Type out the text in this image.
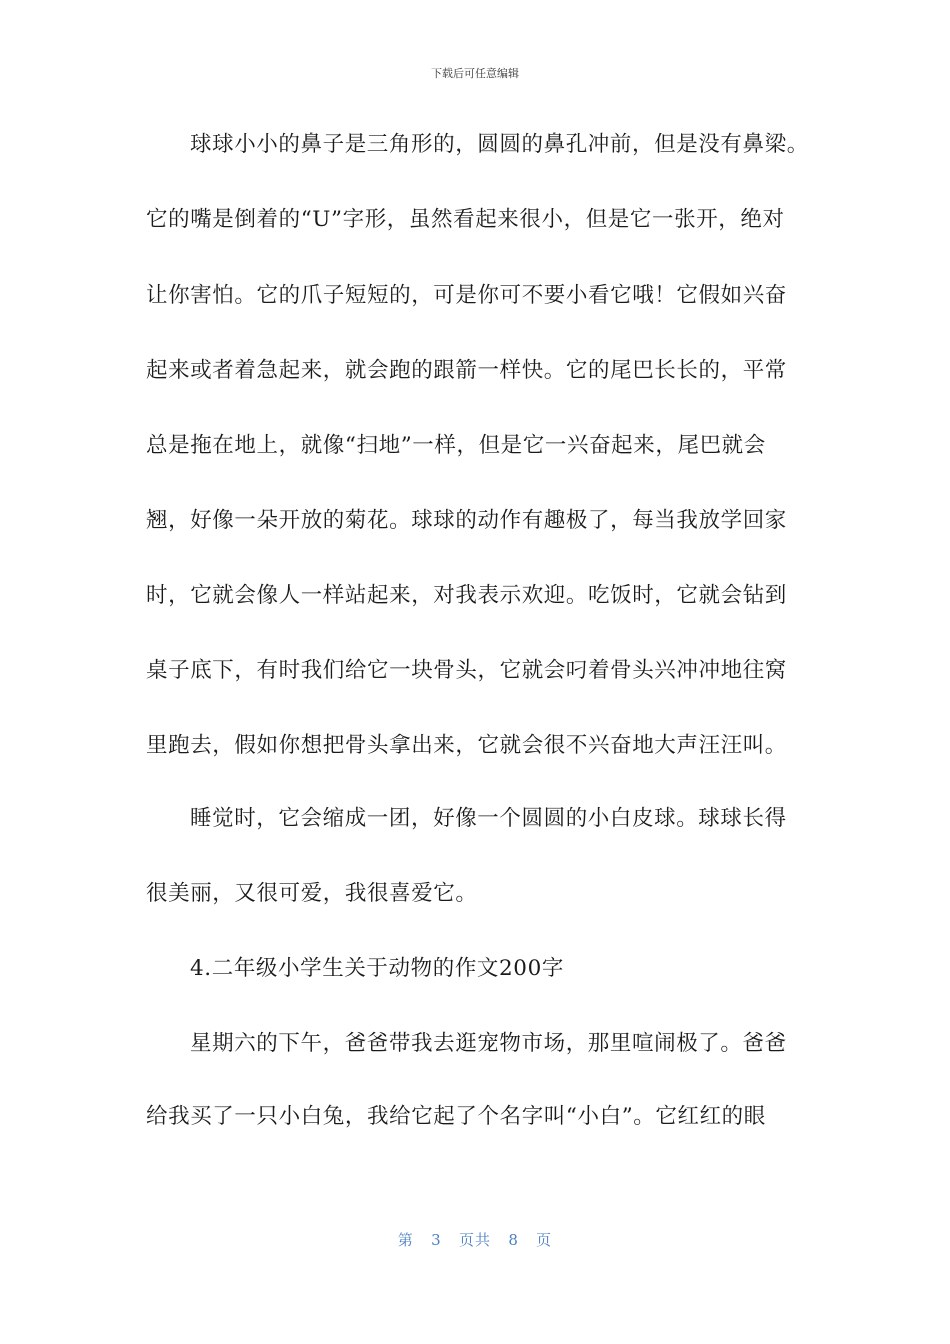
下载后可任意编辑
球球小小的鼻子是三角形的，圆圆的鼻孔冲前，但是没有鼻梁。
它的嘴是倒着的“U”字形，虽然看起来很小，但是它一张开，绝对
让你害怕。它的爪子短短的，可是你可不要小看它哦！它假如兴奋
起来或者着急起来，就会跑的跟箭一样快。它的尾巴长长的，平常
总是拖在地上，就像“扫地”一样，但是它一兴奋起来，尾巴就会
翘，好像一朵开放的菊花。球球的动作有趣极了，每当我放学回家
时，它就会像人一样站起来，对我表示欢迎。吃饭时，它就会钻到
桌子底下，有时我们给它一块骨头，它就会叼着骨头兴冲冲地往窝
里跑去，假如你想把骨头拿出来，它就会很不兴奋地大声汪汪叫。
睡觉时，它会缩成一团，好像一个圆圆的小白皮球。球球长得
很美丽，又很可爱，我很喜爱它。
4.二年级小学生关于动物的作文200字
星期六的下午，爸爸带我去逛宠物市场，那里喧闹极了。爸爸
给我买了一只小白兔，我给它起了个名字叫“小白”。它红红的眼
第 3 页共 8 页
